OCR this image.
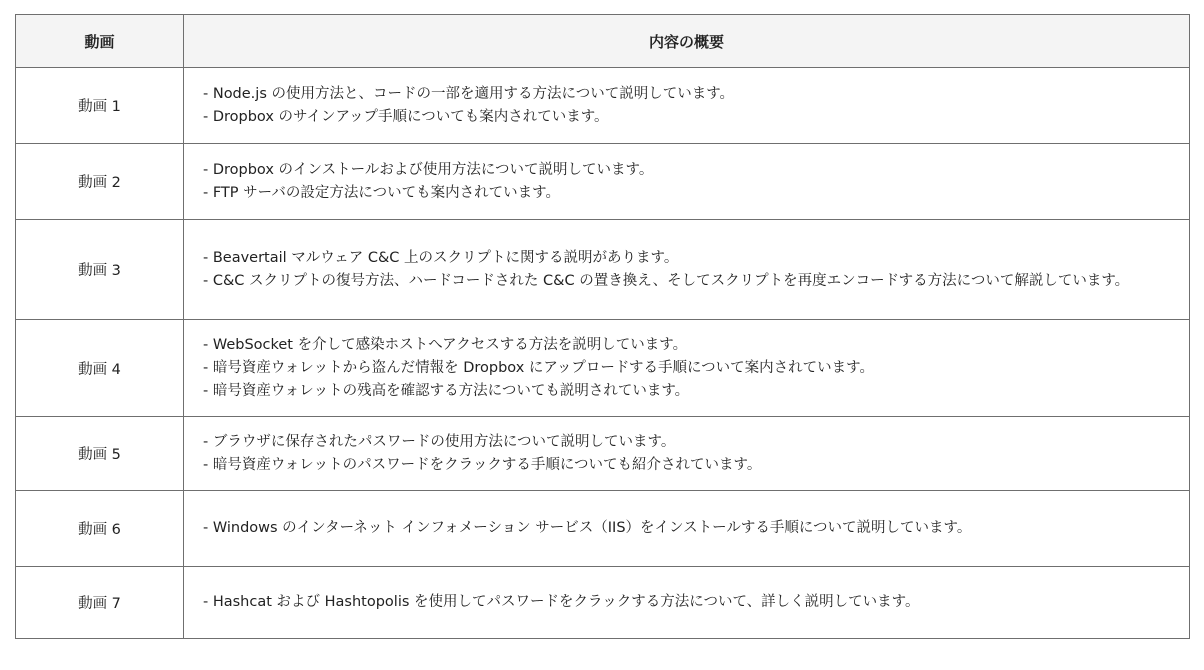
動画	内容の概要
動画 1	- Node.js の使用方法と、コードの一部を適用する方法について説明しています。
- Dropbox のサインアップ手順についても案内されています。

動画 2	- Dropbox のインストールおよび使用方法について説明しています。
- FTP サーバの設定方法についても案内されています。

動画 3	- Beavertail マルウェア C&C 上のスクリプトに関する説明があります。
- C&C スクリプトの復号方法、ハードコードされた C&C の置き換え、そしてスクリプトを再度エンコードする方法について解説しています。

動画 4	- WebSocket を介して感染ホストへアクセスする方法を説明しています。
- 暗号資産ウォレットから盗んだ情報を Dropbox にアップロードする手順について案内されています。
- 暗号資産ウォレットの残高を確認する方法についても説明されています。

動画 5	- ブラウザに保存されたパスワードの使用方法について説明しています。
- 暗号資産ウォレットのパスワードをクラックする手順についても紹介されています。

動画 6	- Windows のインターネット インフォメーション サービス（IIS）をインストールする手順について説明しています。

動画 7	- Hashcat および Hashtopolis を使用してパスワードをクラックする方法について、詳しく説明しています。
